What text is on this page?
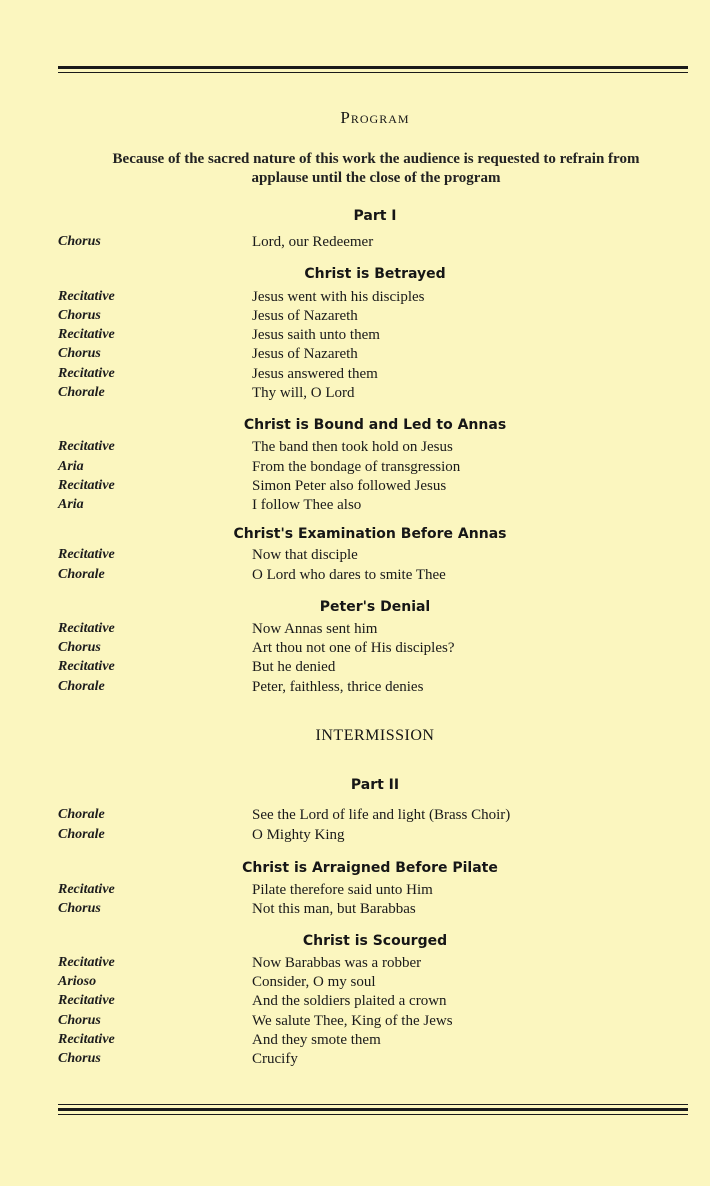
Program
Because of the sacred nature of this work the audience is requested to refrain from applause until the close of the program
Part I
Chorus	Lord, our Redeemer
Christ is Betrayed
Recitative	Jesus went with his disciples
Chorus	Jesus of Nazareth
Recitative	Jesus saith unto them
Chorus	Jesus of Nazareth
Recitative	Jesus answered them
Chorale	Thy will, O Lord
Christ is Bound and Led to Annas
Recitative	The band then took hold on Jesus
Aria	From the bondage of transgression
Recitative	Simon Peter also followed Jesus
Aria	I follow Thee also
Christ's Examination Before Annas
Recitative	Now that disciple
Chorale	O Lord who dares to smite Thee
Peter's Denial
Recitative	Now Annas sent him
Chorus	Art thou not one of His disciples?
Recitative	But he denied
Chorale	Peter, faithless, thrice denies
INTERMISSION
Part II
Chorale	See the Lord of life and light (Brass Choir)
Chorale	O Mighty King
Christ is Arraigned Before Pilate
Recitative	Pilate therefore said unto Him
Chorus	Not this man, but Barabbas
Christ is Scourged
Recitative	Now Barabbas was a robber
Arioso	Consider, O my soul
Recitative	And the soldiers plaited a crown
Chorus	We salute Thee, King of the Jews
Recitative	And they smote them
Chorus	Crucify
